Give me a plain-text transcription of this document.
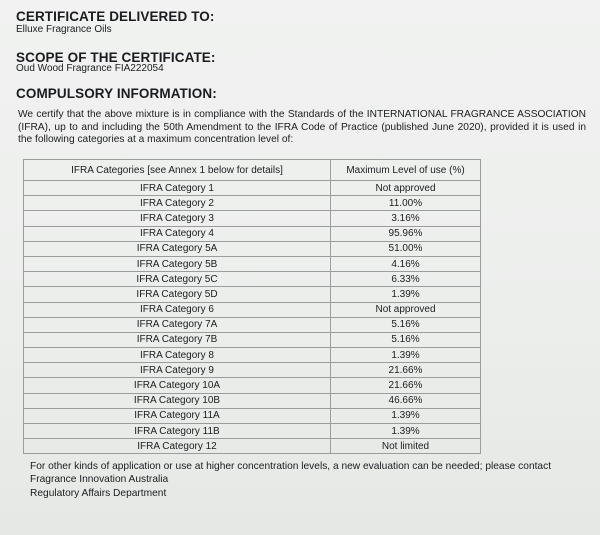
CERTIFICATE DELIVERED TO:
Elluxe Fragrance Oils
SCOPE OF THE CERTIFICATE:
Oud Wood Fragrance FIA222054
COMPULSORY INFORMATION:
We certify that the above mixture is in compliance with the Standards of the INTERNATIONAL FRAGRANCE ASSOCIATION (IFRA), up to and including the 50th Amendment to the IFRA Code of Practice (published June 2020), provided it is used in the following categories at a maximum concentration level of:
IFRA Categories [see Annex 1 below for details]	Maximum Level of use (%)
IFRA Category 1	Not approved
IFRA Category 2	11.00%
IFRA Category 3	3.16%
IFRA Category 4	95.96%
IFRA Category 5A	51.00%
IFRA Category 5B	4.16%
IFRA Category 5C	6.33%
IFRA Category 5D	1.39%
IFRA Category 6	Not approved
IFRA Category 7A	5.16%
IFRA Category 7B	5.16%
IFRA Category 8	1.39%
IFRA Category 9	21.66%
IFRA Category 10A	21.66%
IFRA Category 10B	46.66%
IFRA Category 11A	1.39%
IFRA Category 11B	1.39%
IFRA Category 12	Not limited
For other kinds of application or use at higher concentration levels, a new evaluation can be needed; please contact
Fragrance Innovation Australia
Regulatory Affairs Department
